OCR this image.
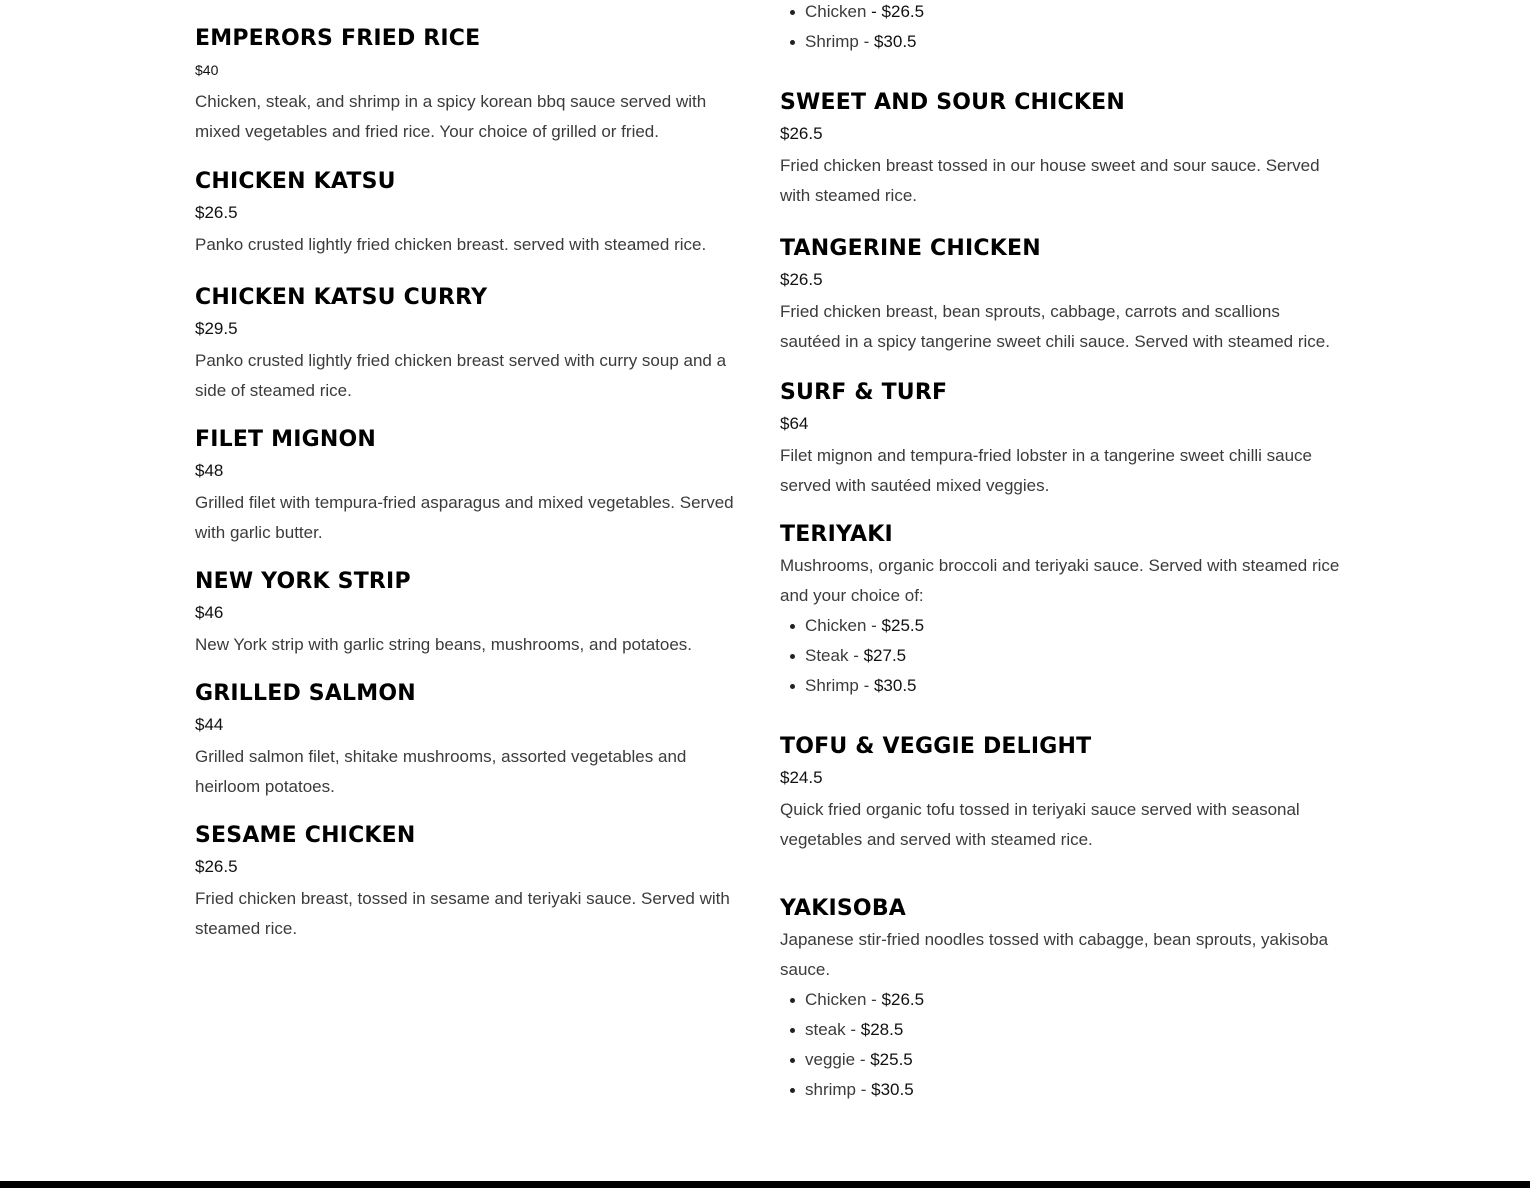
EMPERORS FRIED RICE
$40
Chicken, steak, and shrimp in a spicy korean bbq sauce served with mixed vegetables and fried rice. Your choice of grilled or fried.
CHICKEN KATSU
$26.5
Panko crusted lightly fried chicken breast. served with steamed rice.
CHICKEN KATSU CURRY
$29.5
Panko crusted lightly fried chicken breast served with curry soup and a side of steamed rice.
FILET MIGNON
$48
Grilled filet with tempura-fried asparagus and mixed vegetables. Served with garlic butter.
NEW YORK STRIP
$46
New York strip with garlic string beans, mushrooms, and potatoes.
GRILLED SALMON
$44
Grilled salmon filet, shitake mushrooms, assorted vegetables and heirloom potatoes.
SESAME CHICKEN
$26.5
Fried chicken breast, tossed in sesame and teriyaki sauce. Served with steamed rice.
Chicken - $26.5
Shrimp - $30.5
SWEET AND SOUR CHICKEN
$26.5
Fried chicken breast tossed in our house sweet and sour sauce. Served with steamed rice.
TANGERINE CHICKEN
$26.5
Fried chicken breast, bean sprouts, cabbage, carrots and scallions sautéed in a spicy tangerine sweet chili sauce. Served with steamed rice.
SURF & TURF
$64
Filet mignon and tempura-fried lobster in a tangerine sweet chilli sauce served with sautéed mixed veggies.
TERIYAKI
Mushrooms, organic broccoli and teriyaki sauce. Served with steamed rice and your choice of:
Chicken - $25.5
Steak - $27.5
Shrimp - $30.5
TOFU & VEGGIE DELIGHT
$24.5
Quick fried organic tofu tossed in teriyaki sauce served with seasonal vegetables and served with steamed rice.
YAKISOBA
Japanese stir-fried noodles tossed with cabagge, bean sprouts, yakisoba sauce.
Chicken - $26.5
steak - $28.5
veggie - $25.5
shrimp - $30.5
